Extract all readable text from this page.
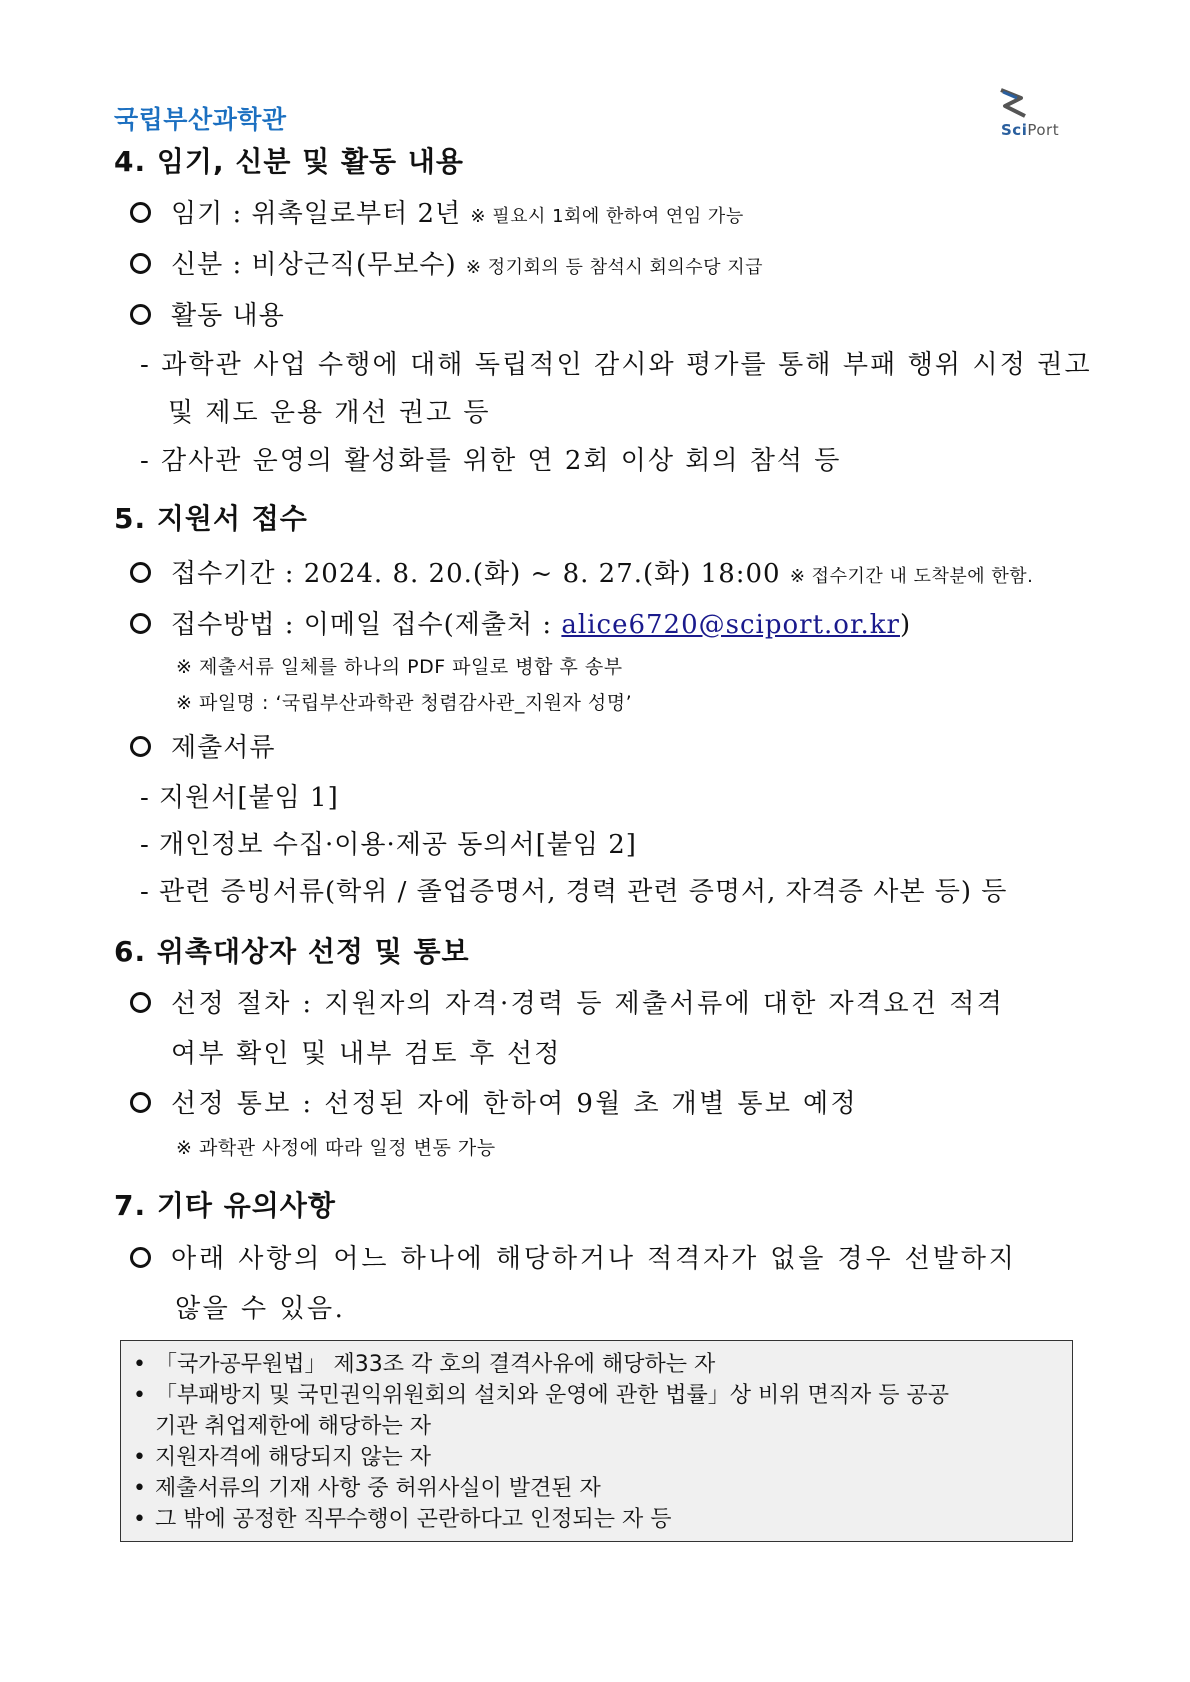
국립부산과학관	SciPort
4. 임기, 신분 및 활동 내용
임기 : 위촉일로부터 2년 ※ 필요시 1회에 한하여 연임 가능
신분 : 비상근직(무보수) ※ 정기회의 등 참석시 회의수당 지급
활동 내용
- 과학관 사업 수행에 대해 독립적인 감시와 평가를 통해 부패 행위 시정 권고
및 제도 운용 개선 권고 등
- 감사관 운영의 활성화를 위한 연 2회 이상 회의 참석 등
5. 지원서 접수
접수기간 : 2024. 8. 20.(화) ~ 8. 27.(화) 18:00 ※ 접수기간 내 도착분에 한함.
접수방법 : 이메일 접수(제출처 : alice6720@sciport.or.kr)
※ 제출서류 일체를 하나의 PDF 파일로 병합 후 송부
※ 파일명 : ‘국립부산과학관 청렴감사관_지원자 성명’
제출서류
- 지원서[붙임 1]
- 개인정보 수집·이용·제공 동의서[붙임 2]
- 관련 증빙서류(학위 / 졸업증명서, 경력 관련 증명서, 자격증 사본 등) 등
6. 위촉대상자 선정 및 통보
선정 절차 : 지원자의 자격·경력 등 제출서류에 대한 자격요건 적격
여부 확인 및 내부 검토 후 선정
선정 통보 : 선정된 자에 한하여 9월 초 개별 통보 예정
※ 과학관 사정에 따라 일정 변동 가능
7. 기타 유의사항
아래 사항의 어느 하나에 해당하거나 적격자가 없을 경우 선발하지
않을 수 있음.
• 「국가공무원법」 제33조 각 호의 결격사유에 해당하는 자
• 「부패방지 및 국민권익위원회의 설치와 운영에 관한 법률」상 비위 면직자 등 공공
기관 취업제한에 해당하는 자
• 지원자격에 해당되지 않는 자
• 제출서류의 기재 사항 중 허위사실이 발견된 자
• 그 밖에 공정한 직무수행이 곤란하다고 인정되는 자 등
